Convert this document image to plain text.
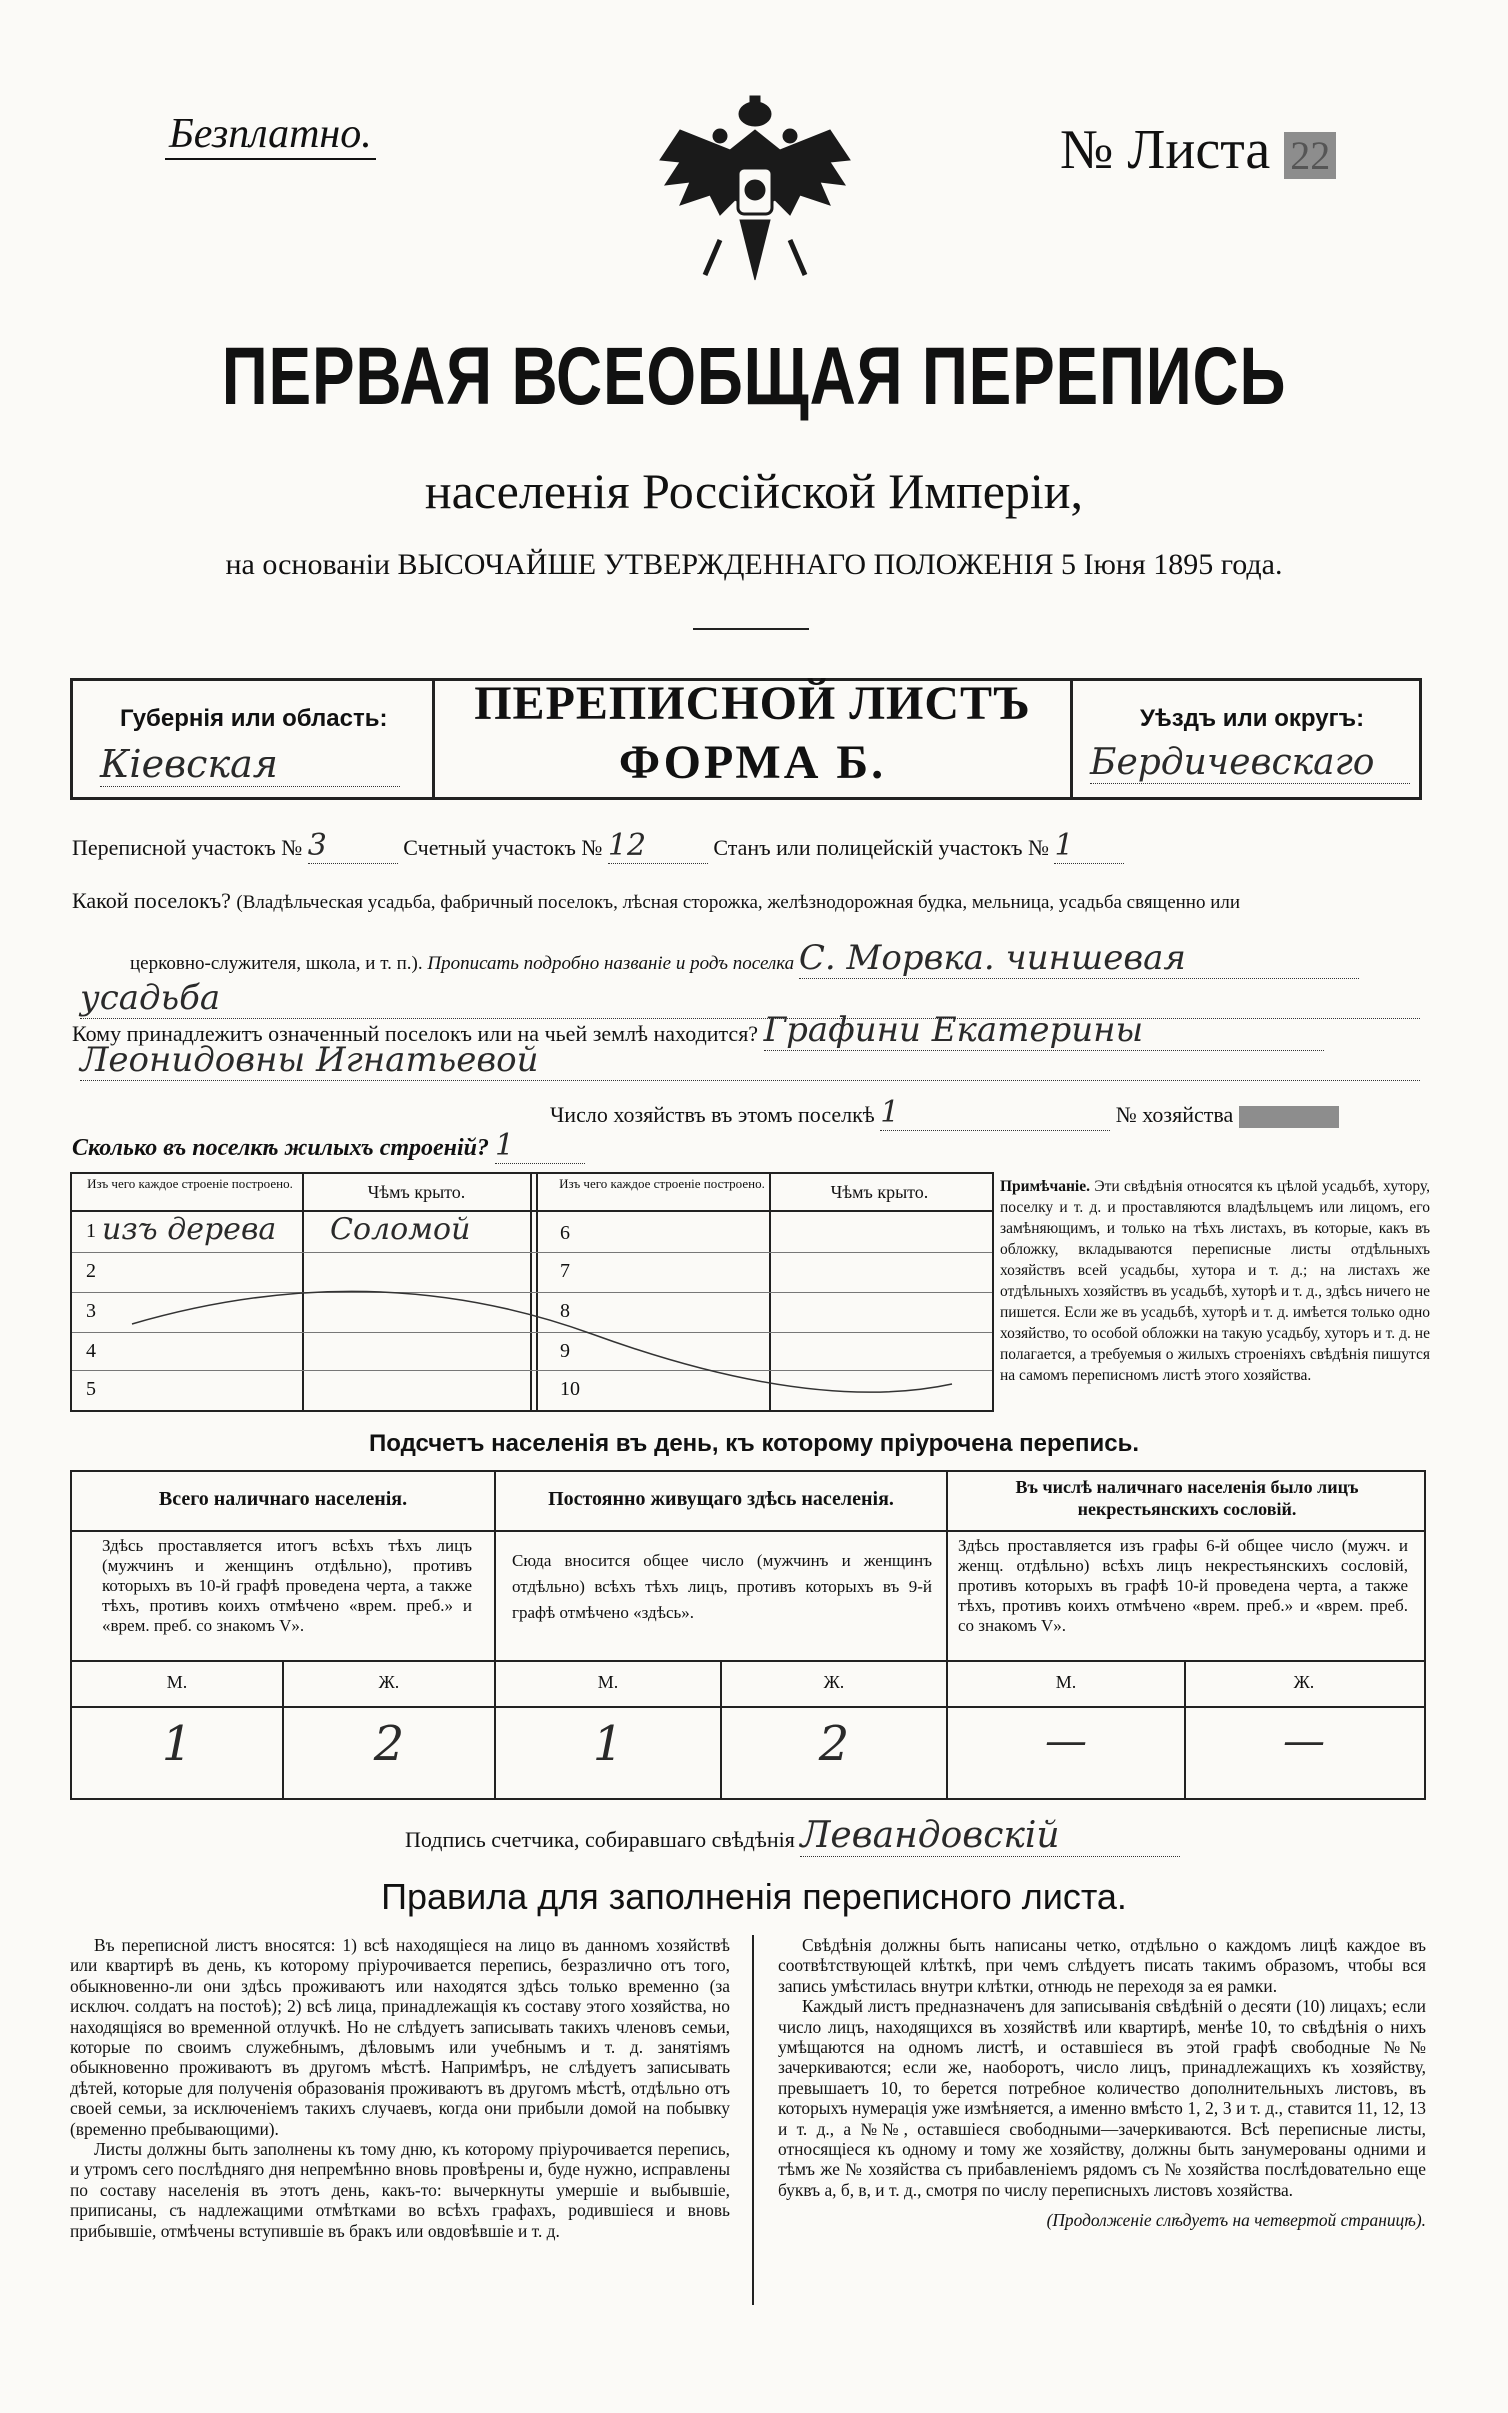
Безплатно.	№ Листа 22
ПЕРВАЯ ВСЕОБЩАЯ ПЕРЕПИСЬ
населенія Россійской Имперіи,
на основаніи ВЫСОЧАЙШЕ УТВЕРЖДЕННАГО ПОЛОЖЕНІЯ 5 Іюня 1895 года.
Губернія или область:
Кіевская
ПЕРЕПИСНОЙ ЛИСТЪ
ФОРМА Б.
Уѣздъ или округъ:
Бердичевскаго
Переписной участокъ № 3	Счетный участокъ № 12	Станъ или полицейскій участокъ № 1
Какой поселокъ? (Владѣльческая усадьба, фабричный поселокъ, лѣсная сторожка, желѣзнодорожная будка, мельница, усадьба священно или
церковно-служителя, школа, и т. п.). Прописать подробно названіе и родъ поселка С. Морвка. чиншевая
усадьба
Кому принадлежитъ означенный поселокъ или на чьей землѣ находится? Графини Екатерины
Леонидовны Игнатьевой
Число хозяйствъ въ этомъ поселкѣ 1	№ хозяйства
Сколько въ поселкѣ жилыхъ строеній? 1
Изъ чего каждое строеніе построено.	Чѣмъ крыто.	Изъ чего каждое строеніе построено.	Чѣмъ крыто.
1 изъ дерева Соломой	6
2	7
3	8
4	9
5	10
Примѣчаніе. Эти свѣдѣнія относятся къ цѣлой усадьбѣ, хутору, поселку и т. д. и проставляются владѣльцемъ или лицомъ, его замѣняющимъ, и только на тѣхъ листахъ, въ которые, какъ въ обложку, вкладываются переписные листы отдѣльныхъ хозяйствъ всей усадьбы, хутора и т. д.; на листахъ же отдѣльныхъ хозяйствъ въ усадьбѣ, хуторѣ и т. д., здѣсь ничего не пишется. Если же въ усадьбѣ, хуторѣ и т. д. имѣется только одно хозяйство, то особой обложки на такую усадьбу, хуторъ и т. д. не полагается, а требуемыя о жилыхъ строеніяхъ свѣдѣнія пишутся на самомъ переписномъ листѣ этого хозяйства.
Подсчетъ населенія въ день, къ которому пріурочена перепись.
Всего наличнаго населенія.	Постоянно живущаго здѣсь населенія.
Въ числѣ наличнаго населенія было лицъ некрестьянскихъ сословій.
Здѣсь проставляется итогъ всѣхъ тѣхъ лицъ (мужчинъ и женщинъ отдѣльно), противъ которыхъ въ 10-й графѣ проведена черта, а также тѣхъ, противъ коихъ отмѣчено «врем. преб.» и «врем. преб. со знакомъ V».
Сюда вносится общее число (мужчинъ и женщинъ отдѣльно) всѣхъ тѣхъ лицъ, противъ которыхъ въ 9-й графѣ отмѣчено «здѣсь».
Здѣсь проставляется изъ графы 6-й общее число (мужч. и женщ. отдѣльно) всѣхъ лицъ некрестьянскихъ сословій, противъ которыхъ въ графѣ 10-й проведена черта, а также тѣхъ, противъ коихъ отмѣчено «врем. преб.» и «врем. преб. со знакомъ V».
М.	Ж.	М.	Ж.	М.	Ж.
1	2	1	2	—	—
Подпись счетчика, собиравшаго свѣдѣнія Левандовскій
Правила для заполненія переписного листа.

Въ переписной листъ вносятся: 1) всѣ находящіеся на лицо въ данномъ хозяйствѣ или квартирѣ въ день, къ которому пріурочивается перепись, безразлично отъ того, обыкновенно-ли они здѣсь проживаютъ или находятся здѣсь только временно (за исключ. солдатъ на постоѣ); 2) всѣ лица, принадлежащія къ составу этого хозяйства, но находящіяся во временной отлучкѣ. Но не слѣдуетъ записывать такихъ членовъ семьи, которые по своимъ служебнымъ, дѣловымъ или учебнымъ и т. д. занятіямъ обыкновенно проживаютъ въ другомъ мѣстѣ. Напримѣръ, не слѣдуетъ записывать дѣтей, которые для полученія образованія проживаютъ въ другомъ мѣстѣ, отдѣльно отъ своей семьи, за исключеніемъ такихъ случаевъ, когда они прибыли домой на побывку (временно пребывающими).

Листы должны быть заполнены къ тому дню, къ которому пріурочивается перепись, и утромъ сего послѣдняго дня непремѣнно вновь провѣрены и, буде нужно, исправлены по составу населенія въ этотъ день, какъ-то: вычеркнуты умершіе и выбывшіе, приписаны, съ надлежащими отмѣтками во всѣхъ графахъ, родившіеся и вновь прибывшіе, отмѣчены вступившіе въ бракъ или овдовѣвшіе и т. д.

Свѣдѣнія должны быть написаны четко, отдѣльно о каждомъ лицѣ каждое въ соотвѣтствующей клѣткѣ, при чемъ слѣдуетъ писать такимъ образомъ, чтобы вся запись умѣстилась внутри клѣтки, отнюдь не переходя за ея рамки.

Каждый листъ предназначенъ для записыванія свѣдѣній о десяти (10) лицахъ; если число лицъ, находящихся въ хозяйствѣ или квартирѣ, менѣе 10, то свѣдѣнія о нихъ умѣщаются на одномъ листѣ, и оставшіеся въ этой графѣ свободные №№ зачеркиваются; если же, наоборотъ, число лицъ, принадлежащихъ къ хозяйству, превышаетъ 10, то берется потребное количество дополнительныхъ листовъ, въ которыхъ нумерація уже измѣняется, а именно вмѣсто 1, 2, 3 и т. д., ставится 11, 12, 13 и т. д., а №№, оставшіеся свободными—зачеркиваются. Всѣ переписные листы, относящіеся къ одному и тому же хозяйству, должны быть занумерованы одними и тѣмъ же № хозяйства съ прибавленіемъ рядомъ съ № хозяйства послѣдовательно еще буквъ а, б, в, и т. д., смотря по числу переписныхъ листовъ хозяйства.

(Продолженіе слѣдуетъ на четвертой страницѣ).
